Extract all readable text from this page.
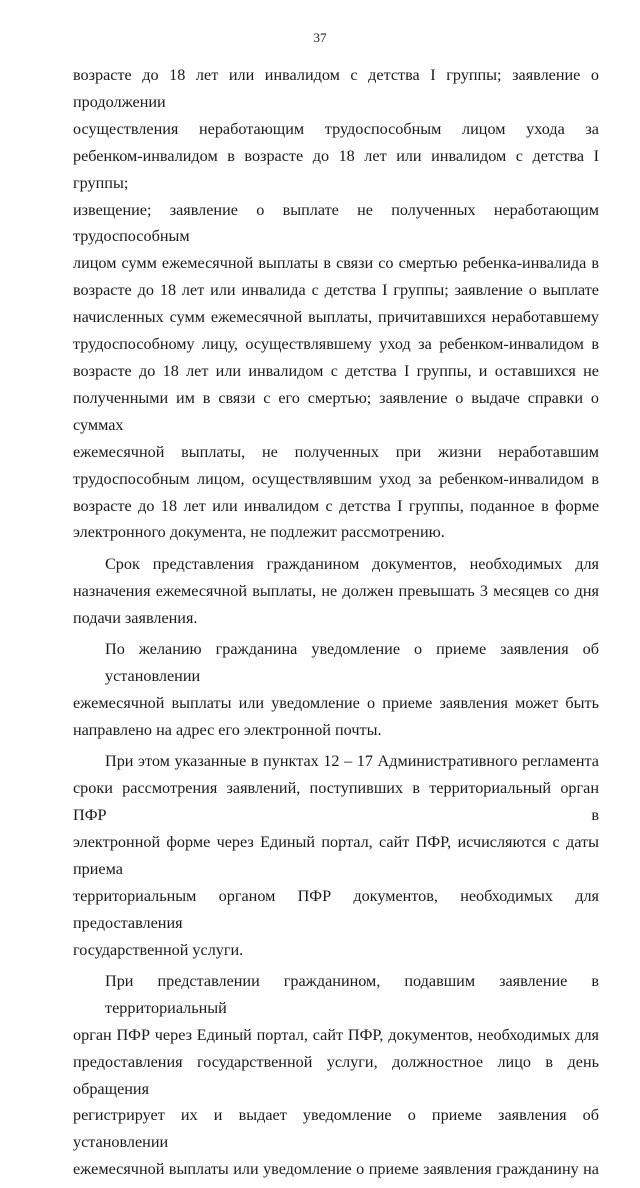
37
возрасте до 18 лет или инвалидом с детства I группы; заявление о продолжении
осуществления неработающим трудоспособным лицом ухода за
ребенком-инвалидом в возрасте до 18 лет или инвалидом с детства I группы;
извещение; заявление о выплате не полученных неработающим трудоспособным
лицом сумм ежемесячной выплаты в связи со смертью ребенка-инвалида в
возрасте до 18 лет или инвалида с детства I группы; заявление о выплате
начисленных сумм ежемесячной выплаты, причитавшихся неработавшему
трудоспособному лицу, осуществлявшему уход за ребенком-инвалидом в
возрасте до 18 лет или инвалидом с детства I группы, и оставшихся не
полученными им в связи с его смертью; заявление о выдаче справки о суммах
ежемесячной выплаты, не полученных при жизни неработавшим
трудоспособным лицом, осуществлявшим уход за ребенком-инвалидом в
возрасте до 18 лет или инвалидом с детства I группы, поданное в форме
электронного документа, не подлежит рассмотрению.
Срок представления гражданином документов, необходимых для
назначения ежемесячной выплаты, не должен превышать 3 месяцев со дня
подачи заявления.
По желанию гражданина уведомление о приеме заявления об установлении
ежемесячной выплаты или уведомление о приеме заявления может быть
направлено на адрес его электронной почты.
При этом указанные в пунктах 12 – 17 Административного регламента
сроки рассмотрения заявлений, поступивших в территориальный орган ПФР в
электронной форме через Единый портал, сайт ПФР, исчисляются с даты приема
территориальным органом ПФР документов, необходимых для предоставления
государственной услуги.
При представлении гражданином, подавшим заявление в территориальный
орган ПФР через Единый портал, сайт ПФР, документов, необходимых для
предоставления государственной услуги, должностное лицо в день обращения
регистрирует их и выдает уведомление о приеме заявления об установлении
ежемесячной выплаты или уведомление о приеме заявления гражданину на
